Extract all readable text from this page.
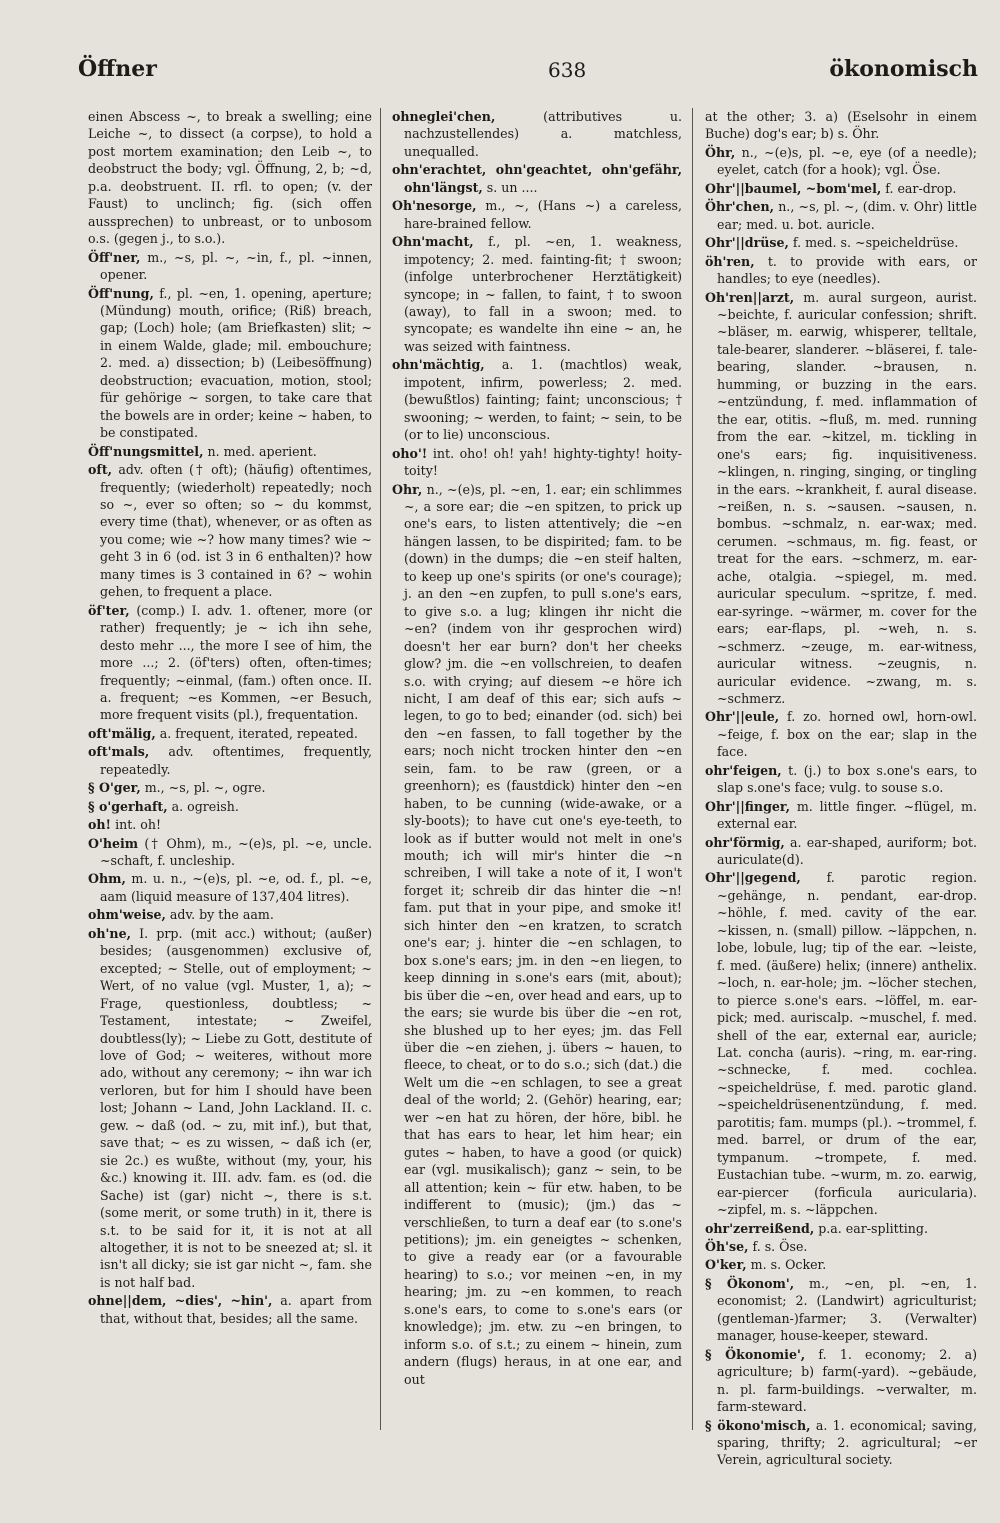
Öffner	638	ökonomisch

einen Abscess ~, to break a swelling; eine Leiche ~, to dissect (a corpse), to hold a post mortem examination; den Leib ~, to deobstruct the body; vgl. Öffnung, 2, b; ~d, p.a. deobstruent. II. rfl. to open; (v. der Faust) to unclinch; fig. (sich offen aussprechen) to unbreast, or to unbosom o.s. (gegen j., to s.o.).

Öff'ner, m., ~s, pl. ~, ~in, f., pl. ~innen, opener.

Öff'nung, f., pl. ~en, 1. opening, aperture; (Mündung) mouth, orifice; (Riß) breach, gap; (Loch) hole; (am Briefkasten) slit; ~ in einem Walde, glade; mil. embouchure; 2. med. a) dissection; b) (Leibesöffnung) deobstruction; evacuation, motion, stool; für gehörige ~ sorgen, to take care that the bowels are in order; keine ~ haben, to be constipated.

Öff'nungsmittel, n. med. aperient.

oft, adv. often († oft); (häufig) oftentimes, frequently; (wiederholt) repeatedly; noch so ~, ever so often; so ~ du kommst, every time (that), whenever, or as often as you come; wie ~? how many times? wie ~ geht 3 in 6 (od. ist 3 in 6 enthalten)? how many times is 3 contained in 6? ~ wohin gehen, to frequent a place.

öf'ter, (comp.) I. adv. 1. oftener, more (or rather) frequently; je ~ ich ihn sehe, desto mehr ..., the more I see of him, the more ...; 2. (öf'ters) often, often-times; frequently; ~einmal, (fam.) often once. II. a. frequent; ~es Kommen, ~er Besuch, more frequent visits (pl.), frequentation.

oft'mälig, a. frequent, iterated, repeated.

oft'mals, adv. oftentimes, frequently, repeatedly.

§ O'ger, m., ~s, pl. ~, ogre.

§ o'gerhaft, a. ogreish.

oh! int. oh!

O'heim († Ohm), m., ~(e)s, pl. ~e, uncle. ~schaft, f. uncleship.

Ohm, m. u. n., ~(e)s, pl. ~e, od. f., pl. ~e, aam (liquid measure of 137,404 litres).

ohm'weise, adv. by the aam.

oh'ne, I. prp. (mit acc.) without; (außer) besides; (ausgenommen) exclusive of, excepted; ~ Stelle, out of employment; ~ Wert, of no value (vgl. Muster, 1, a); ~ Frage, questionless, doubtless; ~ Testament, intestate; ~ Zweifel, doubtless(ly); ~ Liebe zu Gott, destitute of love of God; ~ weiteres, without more ado, without any ceremony; ~ ihn war ich verloren, but for him I should have been lost; Johann ~ Land, John Lackland. II. c. gew. ~ daß (od. ~ zu, mit inf.), but that, save that; ~ es zu wissen, ~ daß ich (er, sie 2c.) es wußte, without (my, your, his &c.) knowing it. III. adv. fam. es (od. die Sache) ist (gar) nicht ~, there is s.t. (some merit, or some truth) in it, there is s.t. to be said for it, it is not at all altogether, it is not to be sneezed at; sl. it isn't all dicky; sie ist gar nicht ~, fam. she is not half bad.

ohne||dem, ~dies', ~hin', a. apart from that, without that, besides; all the same.

ohneglei'chen, (attributives u. nachzustellendes) a. matchless, unequalled.

ohn'erachtet, ohn'geachtet, ohn'gefähr, ohn'längst, s. un ....

Oh'nesorge, m., ~, (Hans ~) a careless, hare-brained fellow.

Ohn'macht, f., pl. ~en, 1. weakness, impotency; 2. med. fainting-fit; † swoon; (infolge unterbrochener Herztätigkeit) syncope; in ~ fallen, to faint, † to swoon (away), to fall in a swoon; med. to syncopate; es wandelte ihn eine ~ an, he was seized with faintness.

ohn'mächtig, a. 1. (machtlos) weak, impotent, infirm, powerless; 2. med. (bewußtlos) fainting; faint; unconscious; † swooning; ~ werden, to faint; ~ sein, to be (or to lie) unconscious.

oho'! int. oho! oh! yah! highty-tighty! hoity-toity!

Ohr, n., ~(e)s, pl. ~en, 1. ear; ein schlimmes ~, a sore ear; die ~en spitzen, to prick up one's ears, to listen attentively; die ~en hängen lassen, to be dispirited; fam. to be (down) in the dumps; die ~en steif halten, to keep up one's spirits (or one's courage); j. an den ~en zupfen, to pull s.one's ears, to give s.o. a lug; klingen ihr nicht die ~en? (indem von ihr gesprochen wird) doesn't her ear burn? don't her cheeks glow? jm. die ~en vollschreien, to deafen s.o. with crying; auf diesem ~e höre ich nicht, I am deaf of this ear; sich aufs ~ legen, to go to bed; einander (od. sich) bei den ~en fassen, to fall together by the ears; noch nicht trocken hinter den ~en sein, fam. to be raw (green, or a greenhorn); es (faustdick) hinter den ~en haben, to be cunning (wide-awake, or a sly-boots); to have cut one's eye-teeth, to look as if butter would not melt in one's mouth; ich will mir's hinter die ~n schreiben, I will take a note of it, I won't forget it; schreib dir das hinter die ~n! fam. put that in your pipe, and smoke it! sich hinter den ~en kratzen, to scratch one's ear; j. hinter die ~en schlagen, to box s.one's ears; jm. in den ~en liegen, to keep dinning in s.one's ears (mit, about); bis über die ~en, over head and ears, up to the ears; sie wurde bis über die ~en rot, she blushed up to her eyes; jm. das Fell über die ~en ziehen, j. übers ~ hauen, to fleece, to cheat, or to do s.o.; sich (dat.) die Welt um die ~en schlagen, to see a great deal of the world; 2. (Gehör) hearing, ear; wer ~en hat zu hören, der höre, bibl. he that has ears to hear, let him hear; ein gutes ~ haben, to have a good (or quick) ear (vgl. musikalisch); ganz ~ sein, to be all attention; kein ~ für etw. haben, to be indifferent to (music); (jm.) das ~ verschließen, to turn a deaf ear (to s.one's petitions); jm. ein geneigtes ~ schenken, to give a ready ear (or a favourable hearing) to s.o.; vor meinen ~en, in my hearing; jm. zu ~en kommen, to reach s.one's ears, to come to s.one's ears (or knowledge); jm. etw. zu ~en bringen, to inform s.o. of s.t.; zu einem ~ hinein, zum andern (flugs) heraus, in at one ear, and out

at the other; 3. a) (Eselsohr in einem Buche) dog's ear; b) s. Öhr.

Öhr, n., ~(e)s, pl. ~e, eye (of a needle); eyelet, catch (for a hook); vgl. Öse.

Ohr'||baumel, ~bom'mel, f. ear-drop.

Öhr'chen, n., ~s, pl. ~, (dim. v. Ohr) little ear; med. u. bot. auricle.

Ohr'||drüse, f. med. s. ~speicheldrüse.

öh'ren, t. to provide with ears, or handles; to eye (needles).

Oh'ren||arzt, m. aural surgeon, aurist. ~beichte, f. auricular confession; shrift. ~bläser, m. earwig, whisperer, telltale, tale-bearer, slanderer. ~bläserei, f. tale-bearing, slander. ~brausen, n. humming, or buzzing in the ears. ~entzündung, f. med. inflammation of the ear, otitis. ~fluß, m. med. running from the ear. ~kitzel, m. tickling in one's ears; fig. inquisitiveness. ~klingen, n. ringing, singing, or tingling in the ears. ~krankheit, f. aural disease. ~reißen, n. s. ~sausen. ~sausen, n. bombus. ~schmalz, n. ear-wax; med. cerumen. ~schmaus, m. fig. feast, or treat for the ears. ~schmerz, m. ear-ache, otalgia. ~spiegel, m. med. auricular speculum. ~spritze, f. med. ear-syringe. ~wärmer, m. cover for the ears; ear-flaps, pl. ~weh, n. s. ~schmerz. ~zeuge, m. ear-witness, auricular witness. ~zeugnis, n. auricular evidence. ~zwang, m. s. ~schmerz.

Ohr'||eule, f. zo. horned owl, horn-owl. ~feige, f. box on the ear; slap in the face.

ohr'feigen, t. (j.) to box s.one's ears, to slap s.one's face; vulg. to souse s.o.

Ohr'||finger, m. little finger. ~flügel, m. external ear.

ohr'förmig, a. ear-shaped, auriform; bot. auriculate(d).

Ohr'||gegend, f. parotic region. ~gehänge, n. pendant, ear-drop. ~höhle, f. med. cavity of the ear. ~kissen, n. (small) pillow. ~läppchen, n. lobe, lobule, lug; tip of the ear. ~leiste, f. med. (äußere) helix; (innere) anthelix. ~loch, n. ear-hole; jm. ~löcher stechen, to pierce s.one's ears. ~löffel, m. ear-pick; med. auriscalp. ~muschel, f. med. shell of the ear, external ear, auricle; Lat. concha (auris). ~ring, m. ear-ring. ~schnecke, f. med. cochlea. ~speicheldrüse, f. med. parotic gland. ~speicheldrüsenentzündung, f. med. parotitis; fam. mumps (pl.). ~trommel, f. med. barrel, or drum of the ear, tympanum. ~trompete, f. med. Eustachian tube. ~wurm, m. zo. earwig, ear-piercer (forficula auricularia). ~zipfel, m. s. ~läppchen.

ohr'zerreißend, p.a. ear-splitting.

Öh'se, f. s. Öse.

O'ker, m. s. Ocker.

§ Ökonom', m., ~en, pl. ~en, 1. economist; 2. (Landwirt) agriculturist; (gentleman-)farmer; 3. (Verwalter) manager, house-keeper, steward.

§ Ökonomie', f. 1. economy; 2. a) agriculture; b) farm(-yard). ~gebäude, n. pl. farm-buildings. ~verwalter, m. farm-steward.

§ ökono'misch, a. 1. economical; saving, sparing, thrifty; 2. agricultural; ~er Verein, agricultural society.
